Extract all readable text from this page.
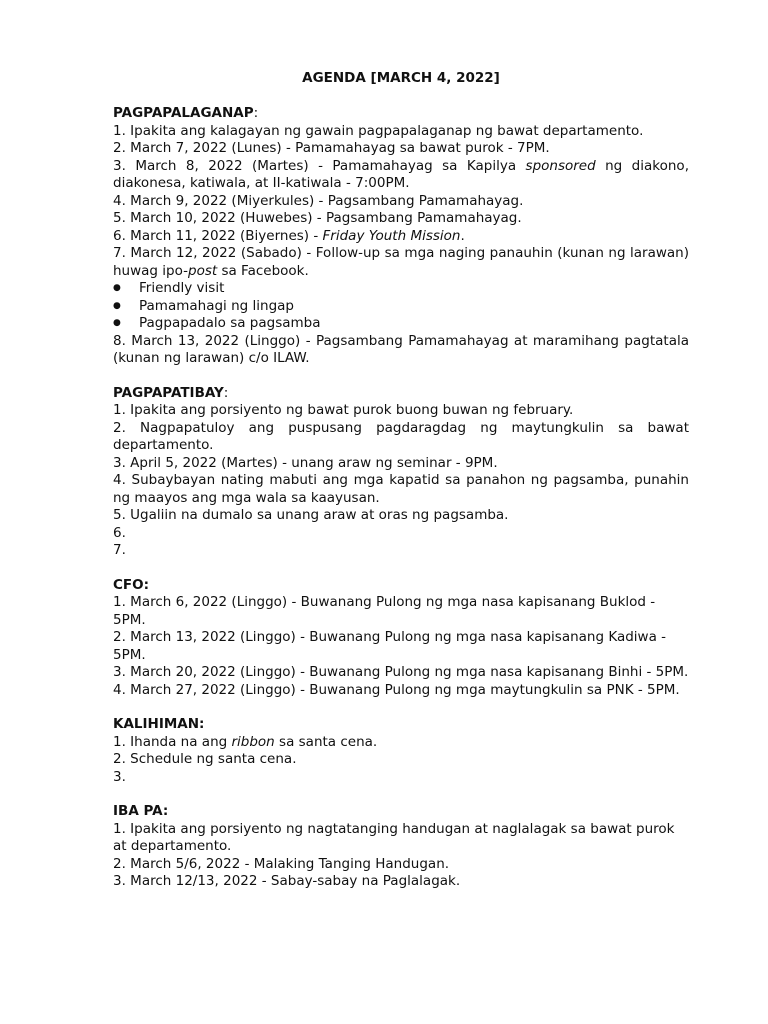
AGENDA [MARCH 4, 2022]
PAGPAPALAGANAP:
1. Ipakita ang kalagayan ng gawain pagpapalaganap ng bawat departamento.
2. March 7, 2022 (Lunes) - Pamamahayag sa bawat purok - 7PM.
3. March 8, 2022 (Martes) - Pamamahayag sa Kapilya sponsored ng diakono, diakonesa, katiwala, at II-katiwala - 7:00PM.
4. March 9, 2022 (Miyerkules) - Pagsambang Pamamahayag.
5. March 10, 2022 (Huwebes) - Pagsambang Pamamahayag.
6. March 11, 2022 (Biyernes) - Friday Youth Mission.
7. March 12, 2022 (Sabado) - Follow-up sa mga naging panauhin (kunan ng larawan) huwag ipo-post sa Facebook.
●	Friendly visit
●	Pamamahagi ng lingap
●	Pagpapadalo sa pagsamba
8. March 13, 2022 (Linggo) - Pagsambang Pamamahayag at maramihang pagtatala (kunan ng larawan) c/o ILAW.
PAGPAPATIBAY:
1. Ipakita ang porsiyento ng bawat purok buong buwan ng february.
2. Nagpapatuloy ang puspusang pagdaragdag ng maytungkulin sa bawat departamento.
3. April 5, 2022 (Martes) - unang araw ng seminar - 9PM.
4. Subaybayan nating mabuti ang mga kapatid sa panahon ng pagsamba, punahin ng maayos ang mga wala sa kaayusan.
5. Ugaliin na dumalo sa unang araw at oras ng pagsamba.
6.
7.
CFO:
1. March 6, 2022 (Linggo) - Buwanang Pulong ng mga nasa kapisanang Buklod - 5PM.
2. March 13, 2022 (Linggo) - Buwanang Pulong ng mga nasa kapisanang Kadiwa - 5PM.
3. March 20, 2022 (Linggo) - Buwanang Pulong ng mga nasa kapisanang Binhi - 5PM.
4. March 27, 2022 (Linggo) - Buwanang Pulong ng mga maytungkulin sa PNK - 5PM.
KALIHIMAN:
1. Ihanda na ang ribbon sa santa cena.
2. Schedule ng santa cena.
3.
IBA PA:
1. Ipakita ang porsiyento ng nagtatanging handugan at naglalagak sa bawat purok at departamento.
2. March 5/6, 2022 - Malaking Tanging Handugan.
3. March 12/13, 2022 - Sabay-sabay na Paglalagak.
